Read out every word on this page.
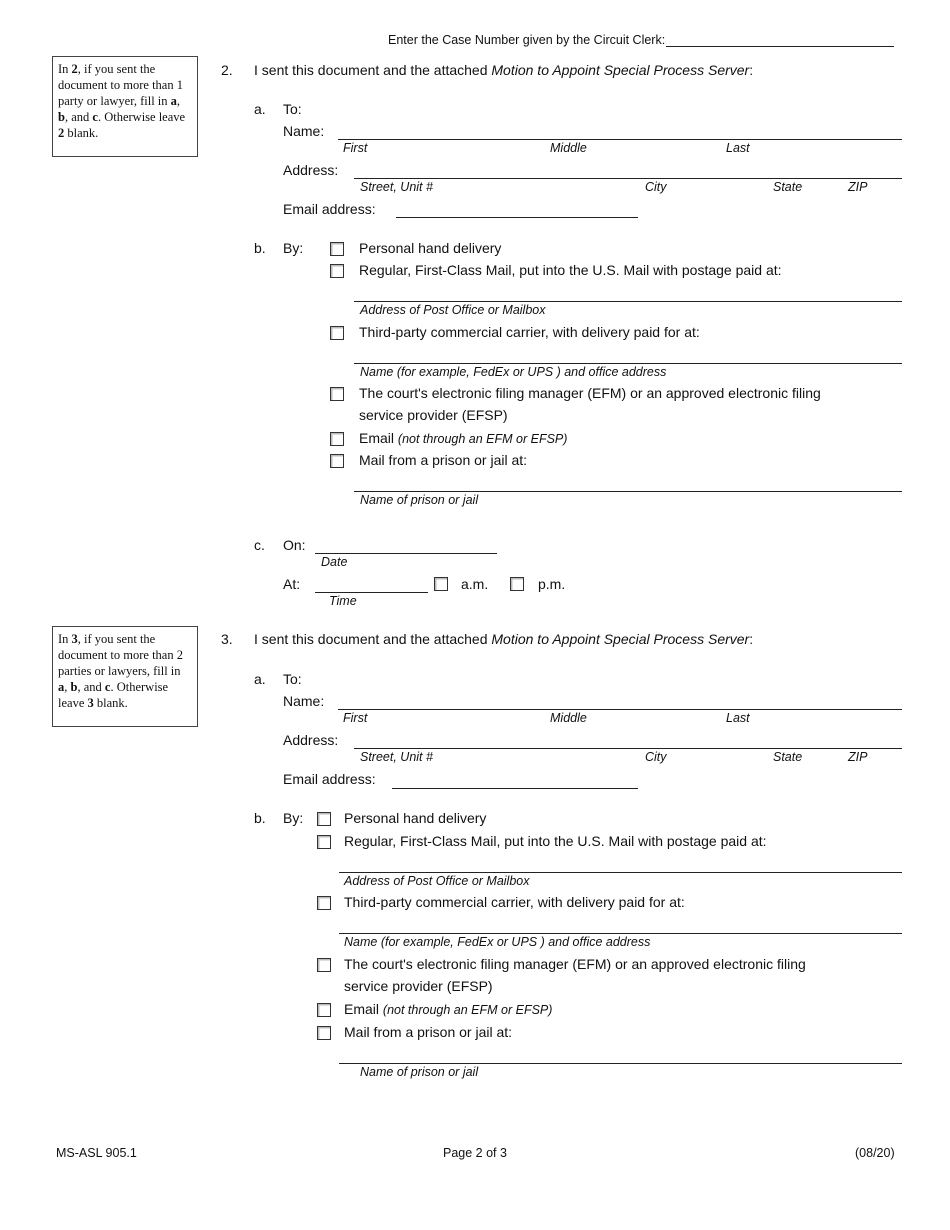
Enter the Case Number given by the Circuit Clerk:
In 2, if you sent the document to more than 1 party or lawyer, fill in a, b, and c. Otherwise leave 2 blank.
2. I sent this document and the attached Motion to Appoint Special Process Server:
a. To:
Name:
First	Middle	Last
Address:
Street, Unit #	City	State	ZIP
Email address:
b. By:	Personal hand delivery
Regular, First-Class Mail, put into the U.S. Mail with postage paid at:
Address of Post Office or Mailbox
Third-party commercial carrier, with delivery paid for at:
Name (for example, FedEx or UPS ) and office address
The court's electronic filing manager (EFM) or an approved electronic filing
service provider (EFSP)
Email (not through an EFM or EFSP)
Mail from a prison or jail at:
Name of prison or jail
c. On:
Date
At:
Time
a.m.	p.m.
In 3, if you sent the document to more than 2 parties or lawyers, fill in a, b, and c. Otherwise leave 3 blank.
3. I sent this document and the attached Motion to Appoint Special Process Server:
a. To:
Name:
First	Middle	Last
Address:
Street, Unit #	City	State	ZIP
Email address:
b. By:	Personal hand delivery
Regular, First-Class Mail, put into the U.S. Mail with postage paid at:
Address of Post Office or Mailbox
Third-party commercial carrier, with delivery paid for at:
Name (for example, FedEx or UPS ) and office address
The court's electronic filing manager (EFM) or an approved electronic filing
service provider (EFSP)
Email (not through an EFM or EFSP)
Mail from a prison or jail at:
Name of prison or jail
MS-ASL 905.1	Page 2 of 3	(08/20)
